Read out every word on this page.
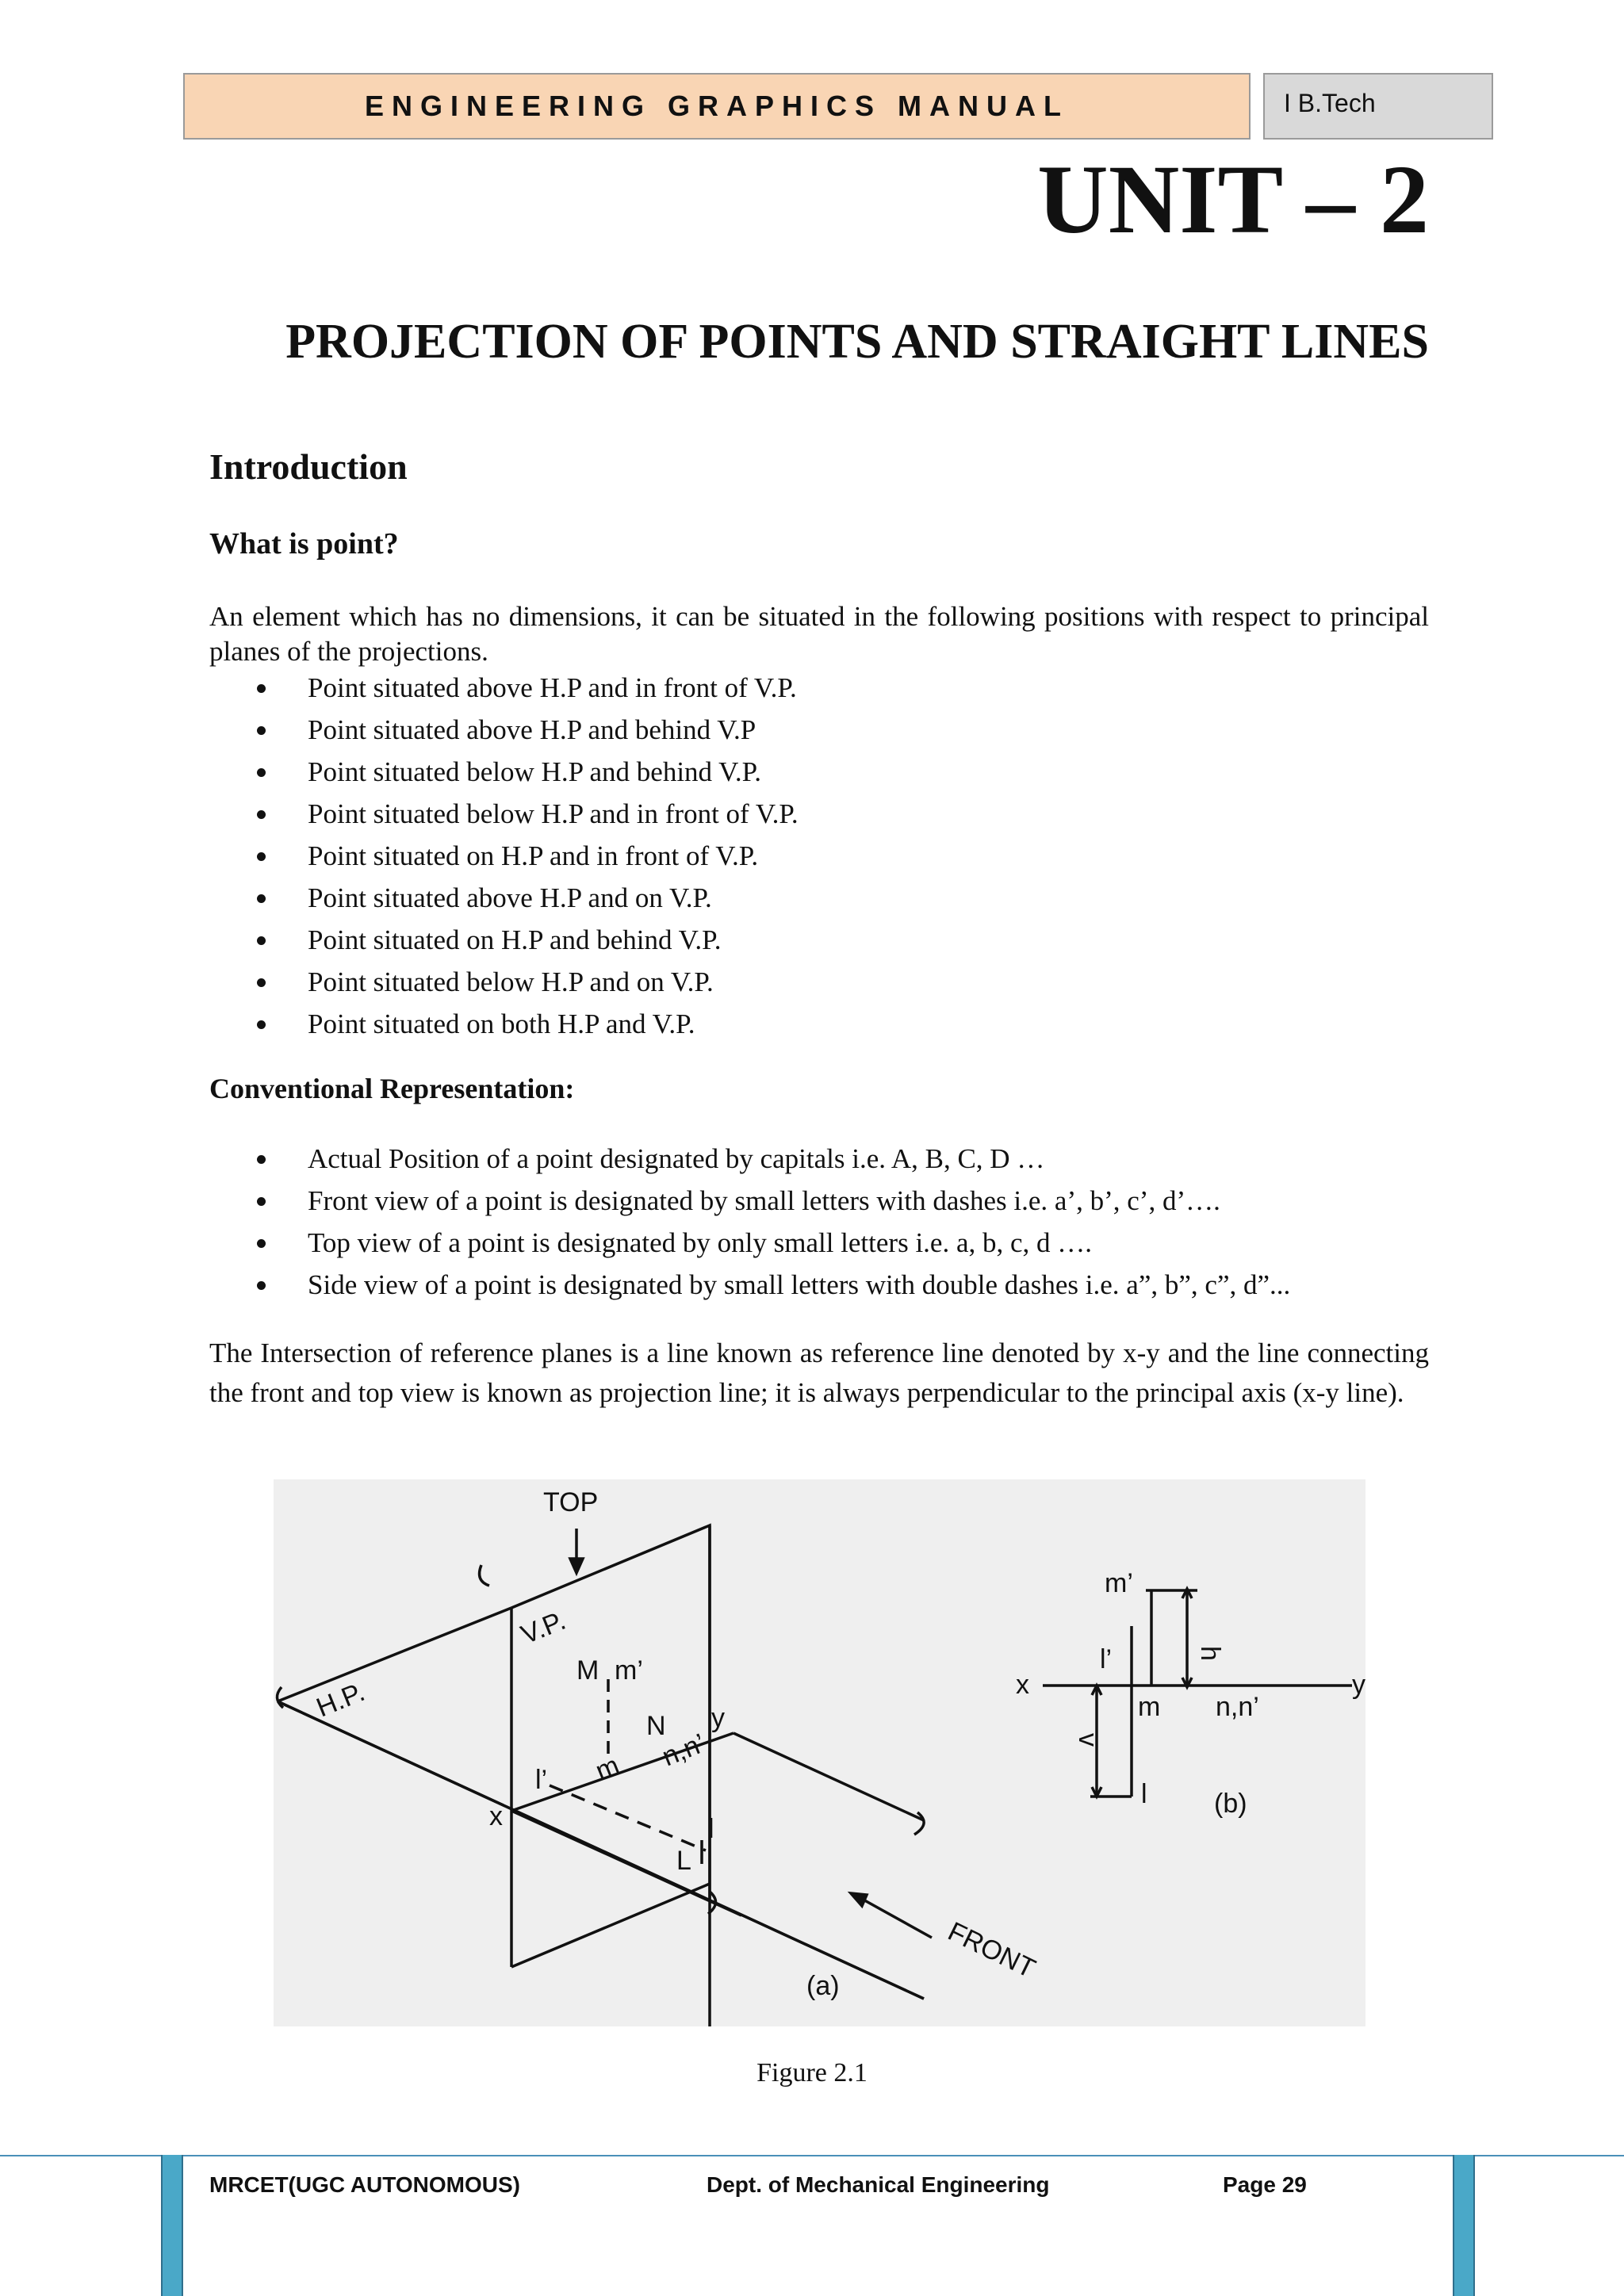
ENGINEERING GRAPHICS MANUAL	I B.Tech
UNIT – 2
PROJECTION OF POINTS AND STRAIGHT LINES
Introduction
What is point?
An element which has no dimensions, it can be situated in the following positions with respect to principal planes of the projections.
Point situated above H.P and in front of V.P.
Point situated above H.P and behind V.P
Point situated below H.P and behind V.P.
Point situated below H.P and in front of V.P.
Point situated on H.P and in front of V.P.
Point situated above H.P and on V.P.
Point situated on H.P and behind V.P.
Point situated below H.P and on V.P.
Point situated on both H.P and V.P.
Conventional Representation:
Actual Position of a point designated by capitals i.e. A, B, C, D …
Front view of a point is designated by small letters with dashes i.e. a’, b’, c’, d’….
Top view of a point is designated by only small letters i.e. a, b, c, d ….
Side view of a point is designated by small letters with double dashes i.e. a”, b”, c”, d”...
The Intersection of reference planes is a line known as reference line denoted by x-y and the line connecting the front and top view is known as projection line; it is always perpendicular to the principal axis (x-y line).
TOP
V.P.
H.P.
M m’
N
n,n’
l’ m
l
L
x
y
FRONT
(a)
m’
l’
x	y
m n,n’
h
v
l (b)
Figure 2.1
MRCET(UGC AUTONOMOUS)	Dept. of Mechanical Engineering	Page 29
